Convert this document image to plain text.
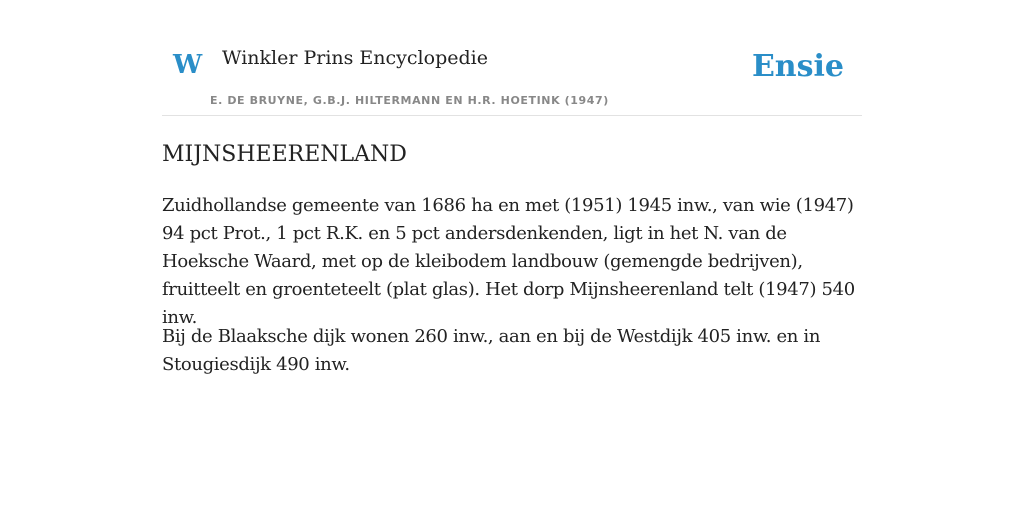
W Winkler Prins Encyclopedie
E. DE BRUYNE, G.B.J. HILTERMANN EN H.R. HOETINK (1947)
Ensie
MIJNSHEERENLAND

Zuidhollandse gemeente van 1686 ha en met (1951) 1945 inw., van wie (1947) 94 pct Prot., 1 pct R.K. en 5 pct andersdenkenden, ligt in het N. van de Hoeksche Waard, met op de kleibodem landbouw (gemengde bedrijven), fruitteelt en groenteteelt (plat glas). Het dorp Mijnsheerenland telt (1947) 540 inw.

Bij de Blaaksche dijk wonen 260 inw., aan en bij de Westdijk 405 inw. en in Stougiesdijk 490 inw.
